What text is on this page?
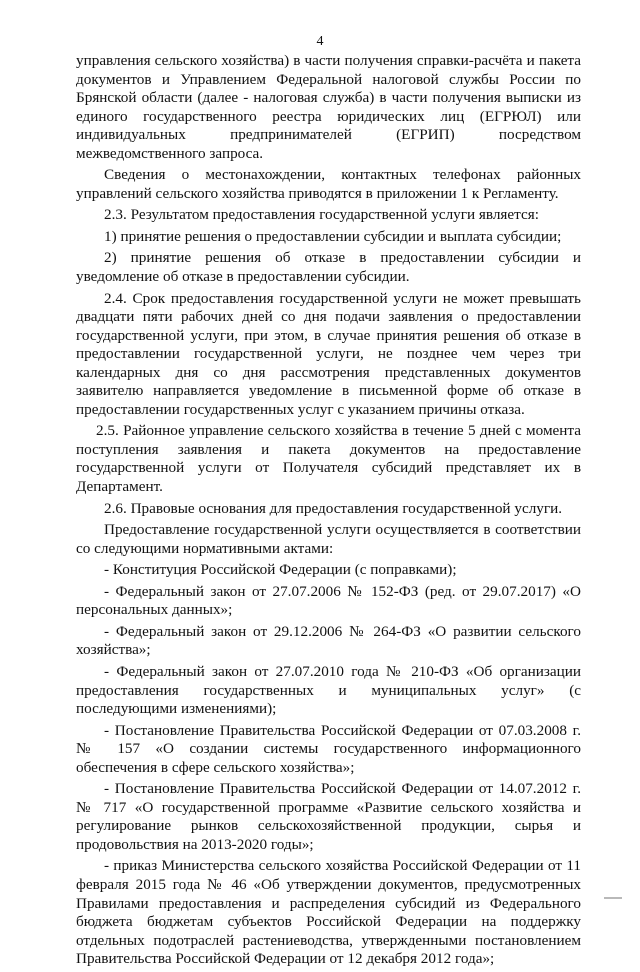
4

управления сельского хозяйства) в части получения справки-расчёта и пакета документов и Управлением Федеральной налоговой службы России по Брянской области (далее - налоговая служба) в части получения выписки из единого государственного реестра юридических лиц (ЕГРЮЛ) или индивидуальных предпринимателей (ЕГРИП) посредством межведомственного запроса.

Сведения о местонахождении, контактных телефонах районных управлений сельского хозяйства приводятся в приложении 1 к Регламенту.

2.3. Результатом предоставления государственной услуги является:

1) принятие решения о предоставлении субсидии и выплата субсидии;

2) принятие решения об отказе в предоставлении субсидии и уведомление об отказе в предоставлении субсидии.

2.4. Срок предоставления государственной услуги не может превышать двадцати пяти рабочих дней со дня подачи заявления о предоставлении государственной услуги, при этом, в случае принятия решения об отказе в предоставлении государственной услуги, не позднее чем через три календарных дня со дня рассмотрения представленных документов заявителю направляется уведомление в письменной форме об отказе в предоставлении государственных услуг с указанием причины отказа.

2.5. Районное управление сельского хозяйства в течение 5 дней с момента поступления заявления и пакета документов на предоставление государственной услуги от Получателя субсидий представляет их в Департамент.

2.6. Правовые основания для предоставления государственной услуги.

Предоставление государственной услуги осуществляется в соответствии со следующими нормативными актами:

- Конституция Российской Федерации (с поправками);

- Федеральный закон от 27.07.2006 № 152-ФЗ (ред. от 29.07.2017) «О персональных данных»;

- Федеральный закон от 29.12.2006 № 264-ФЗ «О развитии сельского хозяйства»;

- Федеральный закон от 27.07.2010 года № 210-ФЗ «Об организации предоставления государственных и муниципальных услуг» (с последующими изменениями);

- Постановление Правительства Российской Федерации от 07.03.2008 г. № 157 «О создании системы государственного информационного обеспечения в сфере сельского хозяйства»;

- Постановление Правительства Российской Федерации от 14.07.2012 г. № 717 «О государственной программе «Развитие сельского хозяйства и регулирование рынков сельскохозяйственной продукции, сырья и продовольствия на 2013-2020 годы»;

- приказ Министерства сельского хозяйства Российской Федерации от 11 февраля 2015 года № 46 «Об утверждении документов, предусмотренных Правилами предоставления и распределения субсидий из Федерального бюджета бюджетам субъектов Российской Федерации на поддержку отдельных подотраслей растениеводства, утвержденными постановлением Правительства Российской Федерации от 12 декабря 2012 года»;
